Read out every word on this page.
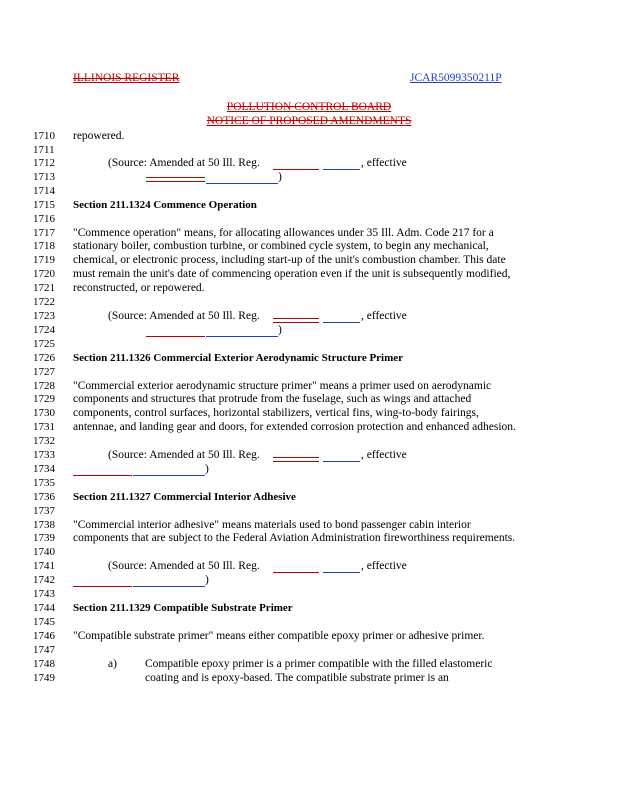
ILLINOIS REGISTER	JCAR5099350211P
POLLUTION CONTROL BOARD
NOTICE OF PROPOSED AMENDMENTS
1710
1711
1712
1713
1714
1715
1716
1717
1718
1719
1720
1721
1722
1723
1724
1725
1726
1727
1728
1729
1730
1731
1732
1733
1734
1735
1736
1737
1738
1739
1740
1741
1742
1743
1744
1745
1746
1747
1748
1749
repowered.
(Source: Amended at 50 Ill. Reg.	, effective
)
Section 211.1324 Commence Operation
"Commence operation" means, for allocating allowances under 35 Ill. Adm. Code 217 for a
stationary boiler, combustion turbine, or combined cycle system, to begin any mechanical,
chemical, or electronic process, including start-up of the unit's combustion chamber. This date
must remain the unit's date of commencing operation even if the unit is subsequently modified,
reconstructed, or repowered.
(Source: Amended at 50 Ill. Reg.	, effective
)
Section 211.1326 Commercial Exterior Aerodynamic Structure Primer
"Commercial exterior aerodynamic structure primer" means a primer used on aerodynamic
components and structures that protrude from the fuselage, such as wings and attached
components, control surfaces, horizontal stabilizers, vertical fins, wing-to-body fairings,
antennae, and landing gear and doors, for extended corrosion protection and enhanced adhesion.
(Source: Amended at 50 Ill. Reg.	, effective
)
Section 211.1327 Commercial Interior Adhesive
"Commercial interior adhesive" means materials used to bond passenger cabin interior
components that are subject to the Federal Aviation Administration fireworthiness requirements.
(Source: Amended at 50 Ill. Reg.	, effective
)
Section 211.1329 Compatible Substrate Primer
"Compatible substrate primer" means either compatible epoxy primer or adhesive primer.
a) Compatible epoxy primer is a primer compatible with the filled elastomeric
coating and is epoxy-based. The compatible substrate primer is an
